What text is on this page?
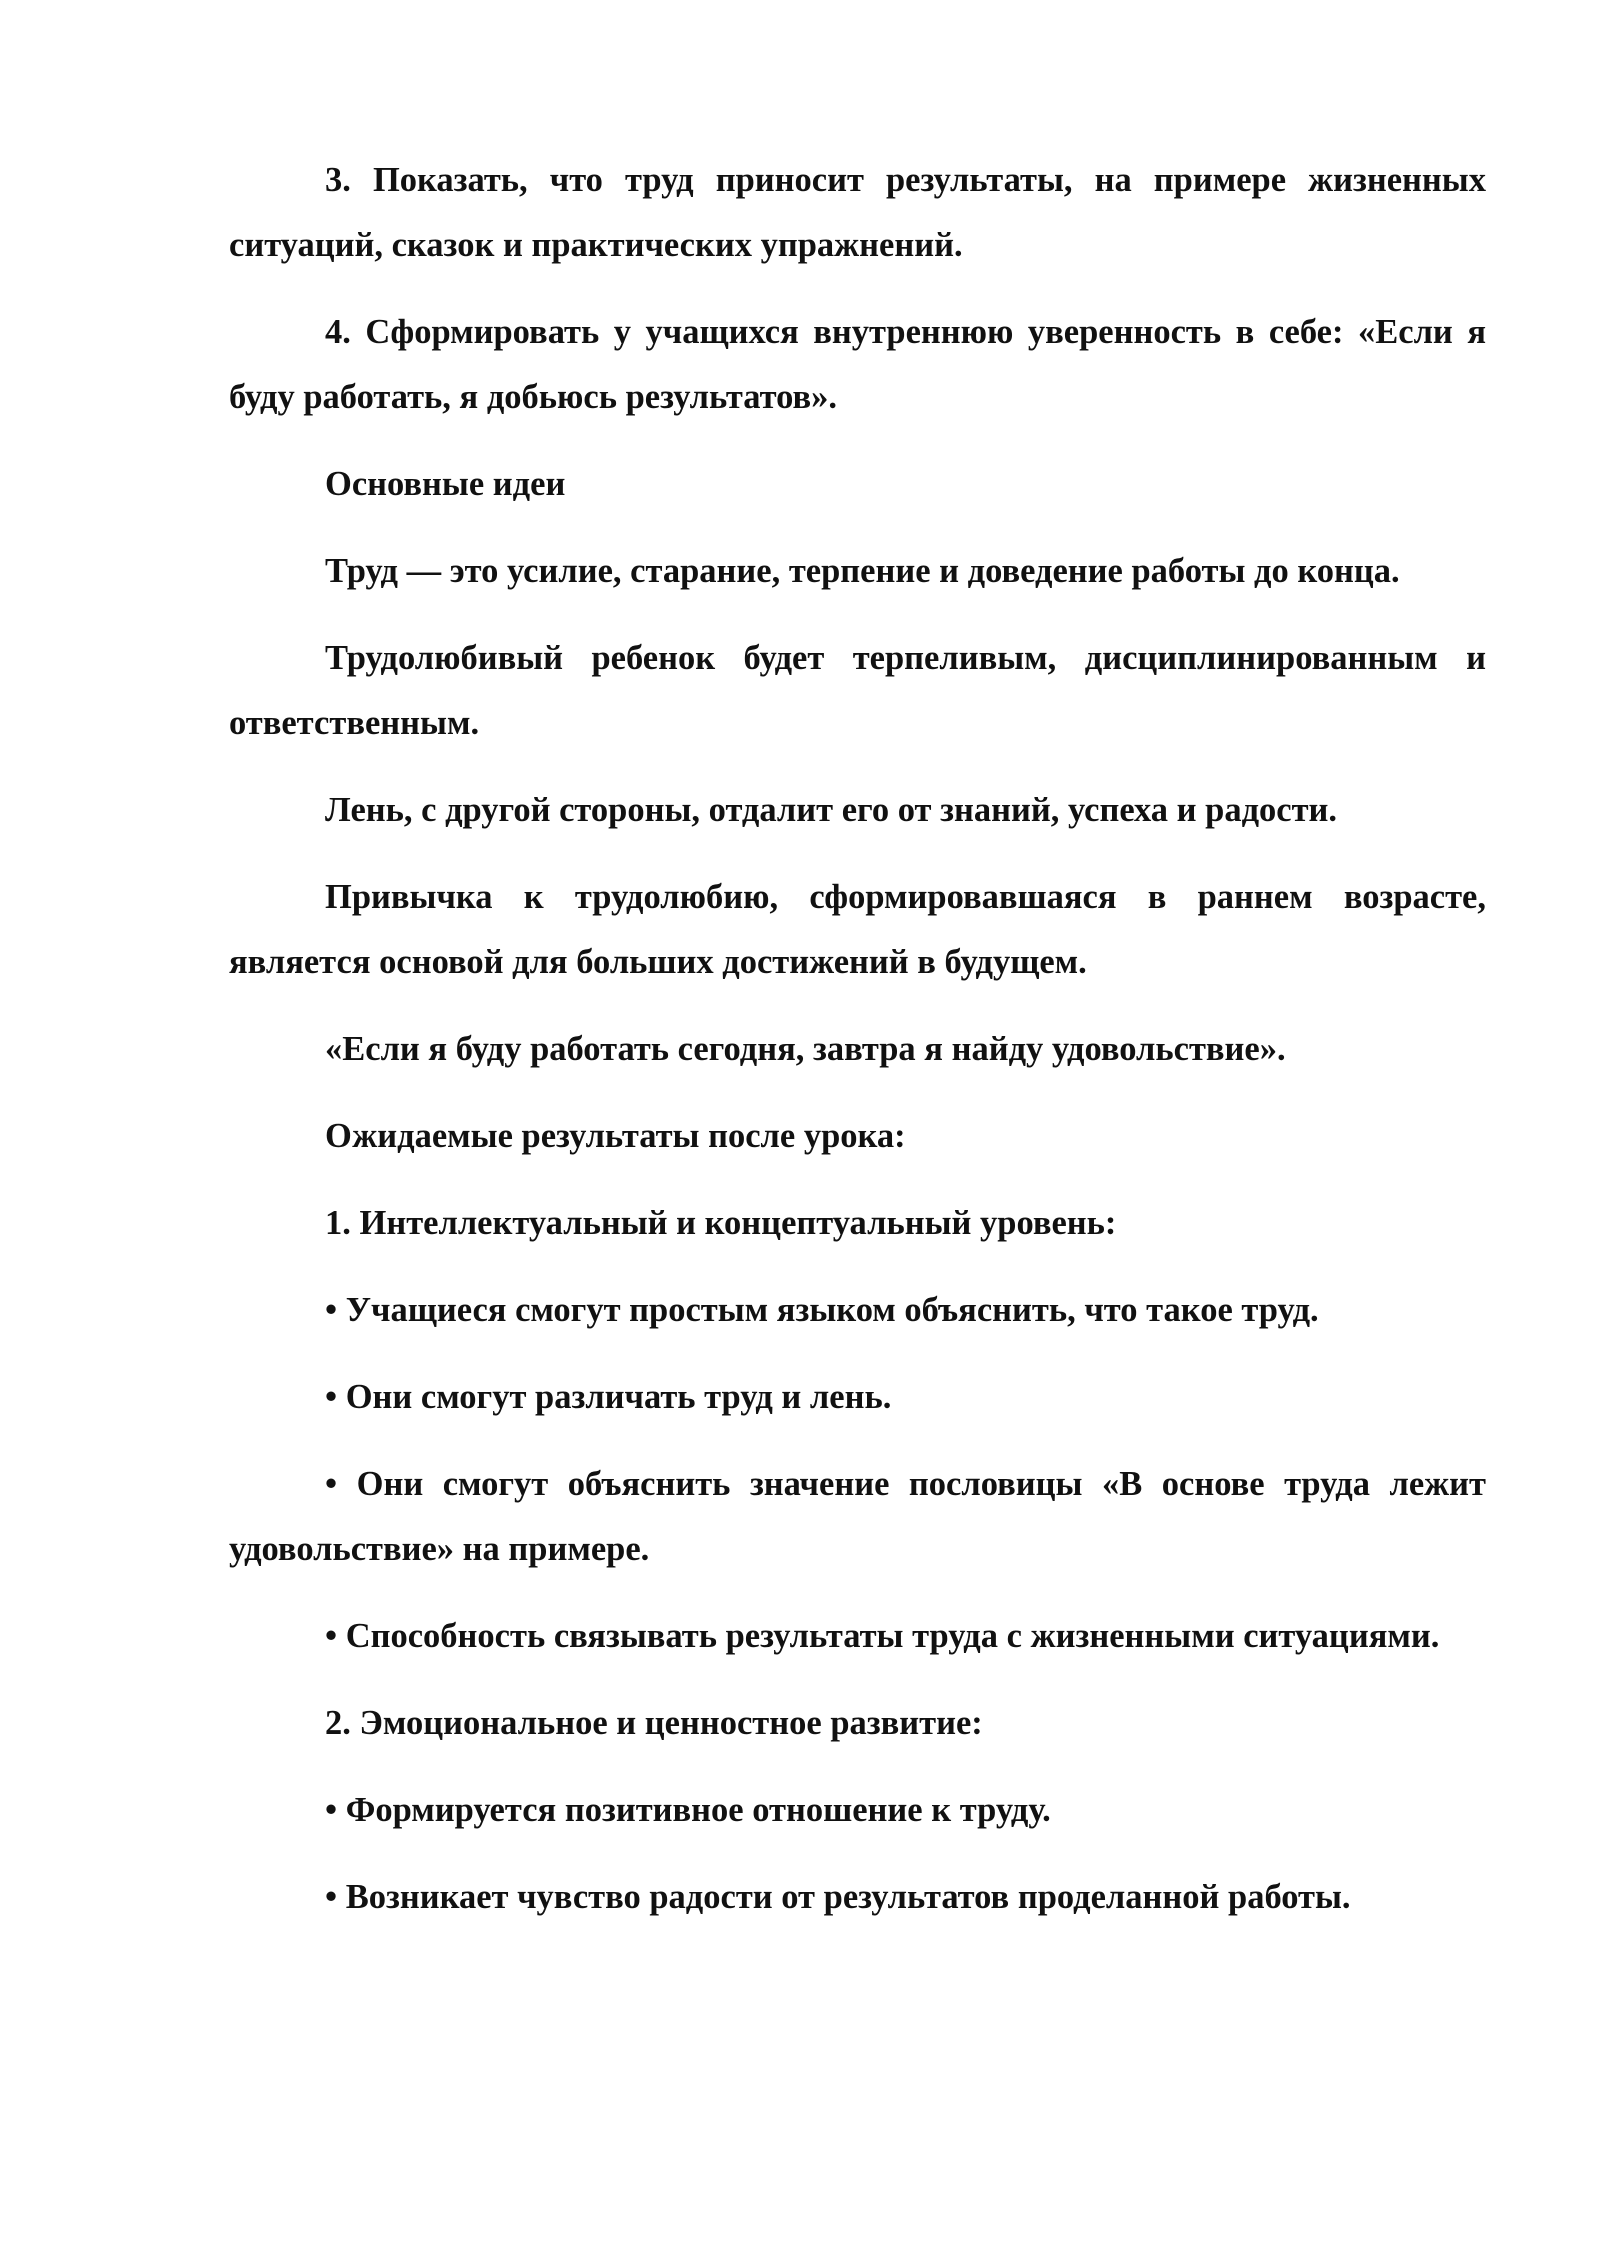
3. Показать, что труд приносит результаты, на примере жизненных ситуаций, сказок и практических упражнений.

4. Сформировать у учащихся внутреннюю уверенность в себе: «Если я буду работать, я добьюсь результатов».

Основные идеи

Труд — это усилие, старание, терпение и доведение работы до конца.

Трудолюбивый ребенок будет терпеливым, дисциплинированным и ответственным.

Лень, с другой стороны, отдалит его от знаний, успеха и радости.

Привычка к трудолюбию, сформировавшаяся в раннем возрасте, является основой для больших достижений в будущем.

«Если я буду работать сегодня, завтра я найду удовольствие».

Ожидаемые результаты после урока:

1. Интеллектуальный и концептуальный уровень:

• Учащиеся смогут простым языком объяснить, что такое труд.

• Они смогут различать труд и лень.

• Они смогут объяснить значение пословицы «В основе труда лежит удовольствие» на примере.

• Способность связывать результаты труда с жизненными ситуациями.

2. Эмоциональное и ценностное развитие:

• Формируется позитивное отношение к труду.

• Возникает чувство радости от результатов проделанной работы.
